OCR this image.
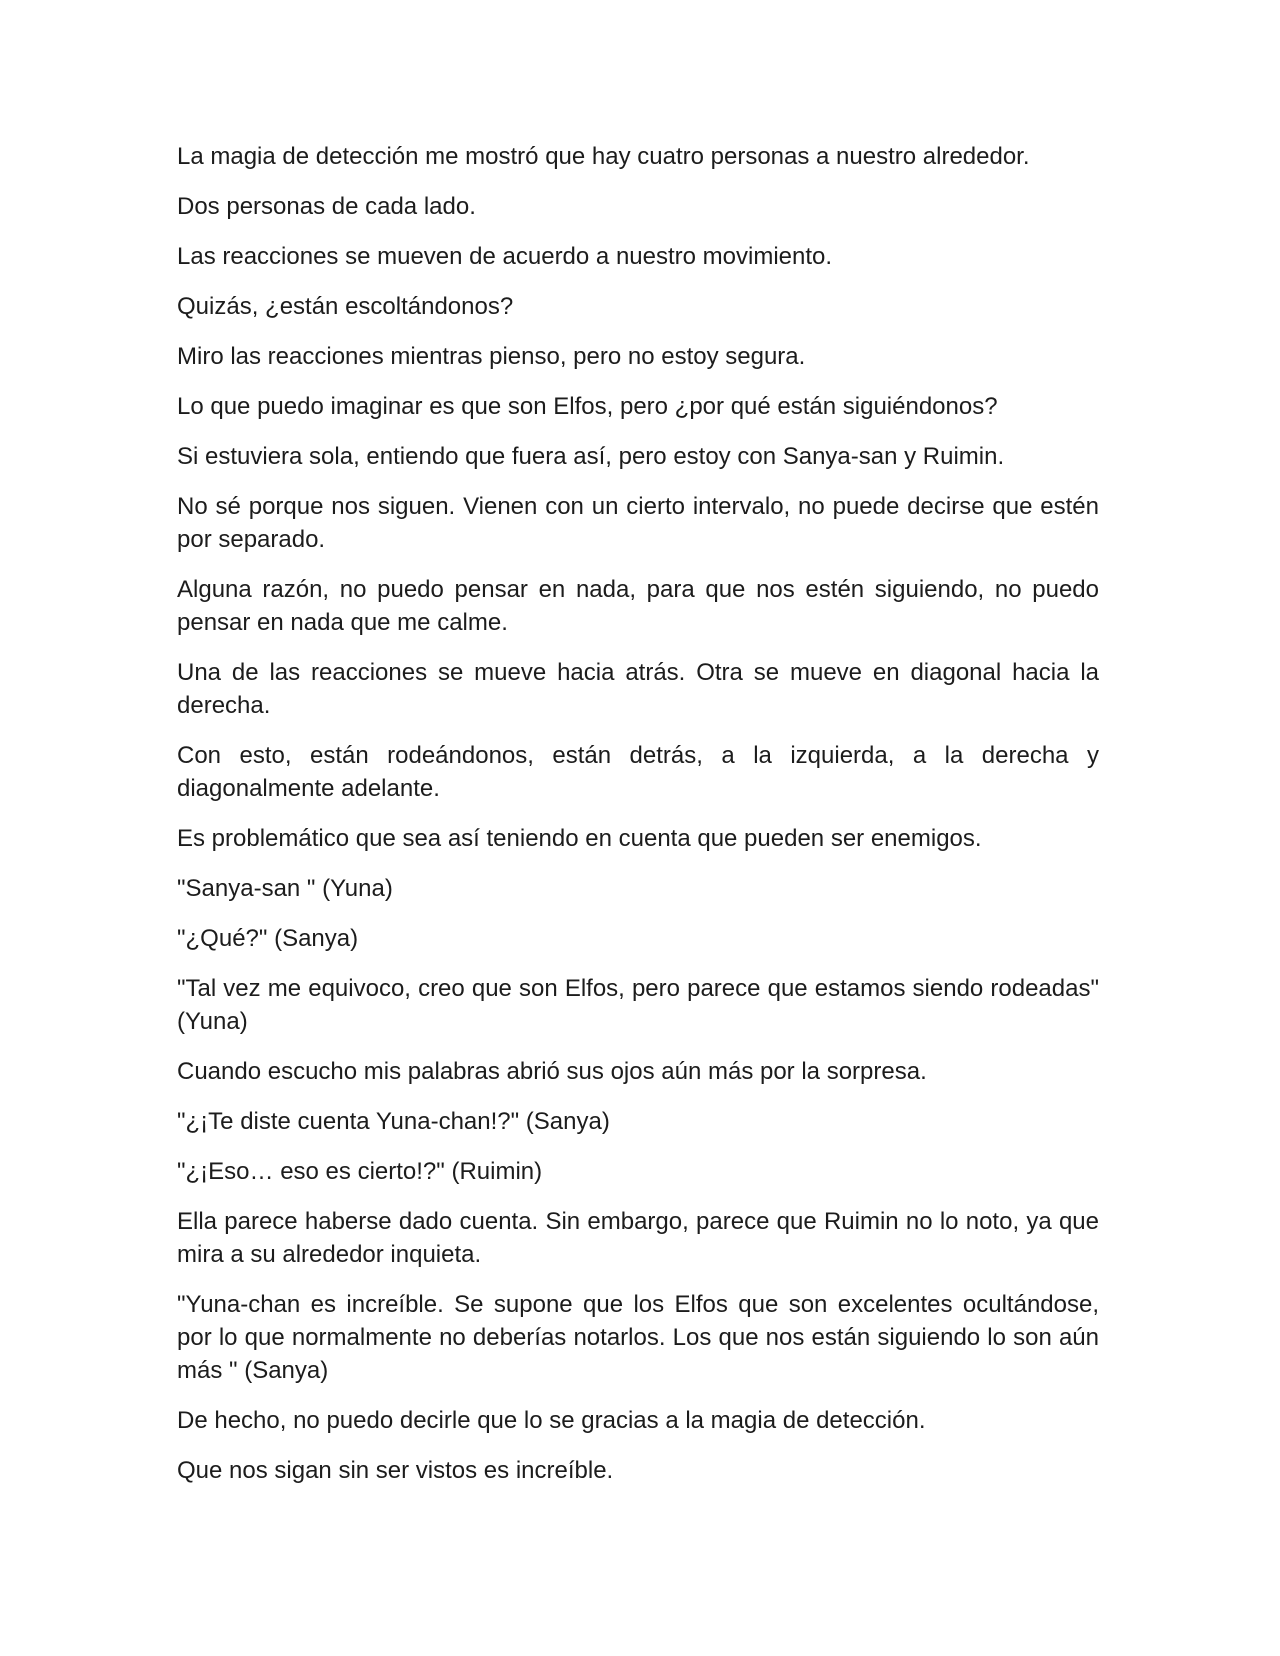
La magia de detección me mostró que hay cuatro personas a nuestro alrededor.

Dos personas de cada lado.

Las reacciones se mueven de acuerdo a nuestro movimiento.

Quizás, ¿están escoltándonos?

Miro las reacciones mientras pienso, pero no estoy segura.

Lo que puedo imaginar es que son Elfos, pero ¿por qué están siguiéndonos?

Si estuviera sola, entiendo que fuera así, pero estoy con Sanya-san y Ruimin.

No sé porque nos siguen. Vienen con un cierto intervalo, no puede decirse que estén por separado.

Alguna razón, no puedo pensar en nada, para que nos estén siguiendo, no puedo pensar en nada que me calme.

Una de las reacciones se mueve hacia atrás. Otra se mueve en diagonal hacia la derecha.

Con esto, están rodeándonos, están detrás, a la izquierda, a la derecha y diagonalmente adelante.

Es problemático que sea así teniendo en cuenta que pueden ser enemigos.

"Sanya-san " (Yuna)

"¿Qué?" (Sanya)

"Tal vez me equivoco, creo que son Elfos, pero parece que estamos siendo rodeadas" (Yuna)

Cuando escucho mis palabras abrió sus ojos aún más por la sorpresa.

"¿¡Te diste cuenta Yuna-chan!?" (Sanya)

"¿¡Eso… eso es cierto!?" (Ruimin)

Ella parece haberse dado cuenta. Sin embargo, parece que Ruimin no lo noto, ya que mira a su alrededor inquieta.

"Yuna-chan es increíble. Se supone que los Elfos que son excelentes ocultándose, por lo que normalmente no deberías notarlos. Los que nos están siguiendo lo son aún más " (Sanya)

De hecho, no puedo decirle que lo se gracias a la magia de detección.

Que nos sigan sin ser vistos es increíble.
